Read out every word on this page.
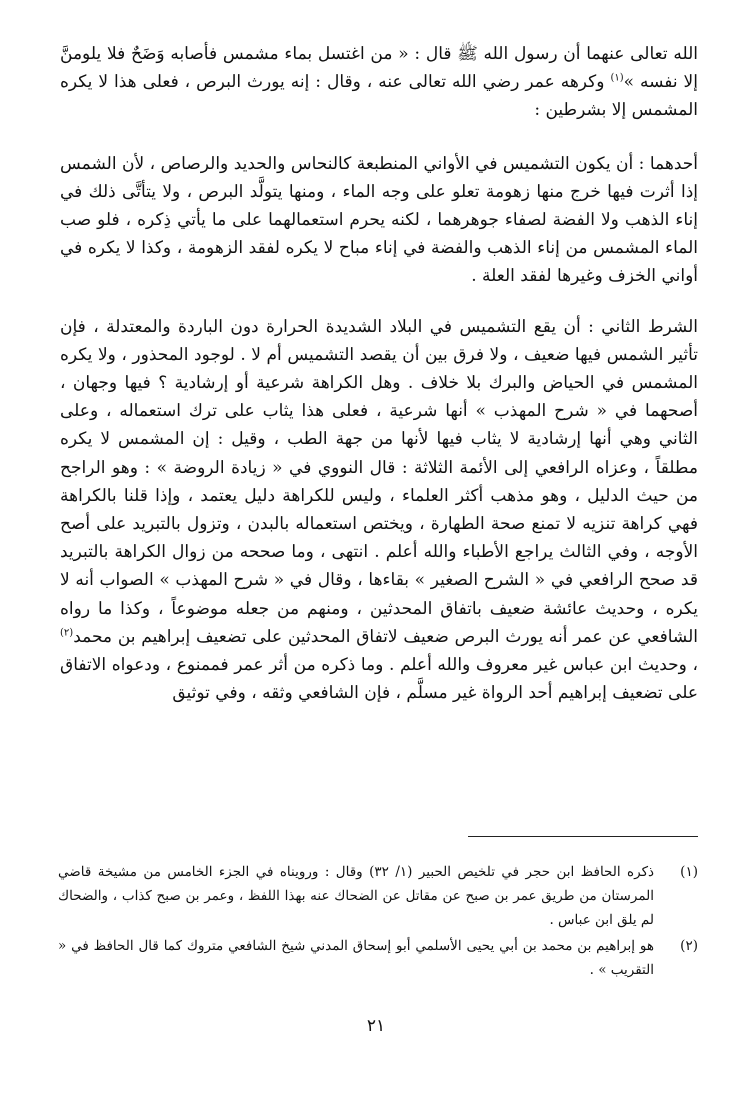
الله تعالى عنهما أن رسول الله ﷺ قال : « من اغتسل بماء مشمس فأصابه وَضَحٌ فلا يلومنَّ إلا نفسه »$^{(١)}$ وكرهه عمر رضي الله تعالى عنه ، وقال : إنه يورث البرص ، فعلى هذا لا يكره المشمس إلا بشرطين :

أحدهما : أن يكون التشميس في الأواني المنطبعة كالنحاس والحديد والرصاص ، لأن الشمس إذا أثرت فيها خرج منها زهومة تعلو على وجه الماء ، ومنها يتولَّد البرص ، ولا يتأتَّى ذلك في إناء الذهب ولا الفضة لصفاء جوهرهما ، لكنه يحرم استعمالهما على ما يأتي ذِكره ، فلو صب الماء المشمس من إناء الذهب والفضة في إناء مباح لا يكره لفقد الزهومة ، وكذا لا يكره في أواني الخزف وغيرها لفقد العلة .

الشرط الثاني : أن يقع التشميس في البلاد الشديدة الحرارة دون الباردة والمعتدلة ، فإن تأثير الشمس فيها ضعيف ، ولا فرق بين أن يقصد التشميس أم لا . لوجود المحذور ، ولا يكره المشمس في الحياض والبرك بلا خلاف . وهل الكراهة شرعية أو إرشادية ؟ فيها وجهان ، أصحهما في « شرح المهذب » أنها شرعية ، فعلى هذا يثاب على ترك استعماله ، وعلى الثاني وهي أنها إرشادية لا يثاب فيها لأنها من جهة الطب ، وقيل : إن المشمس لا يكره مطلقاً ، وعزاه الرافعي إلى الأئمة الثلاثة : قال النووي في « زيادة الروضة » : وهو الراجح من حيث الدليل ، وهو مذهب أكثر العلماء ، وليس للكراهة دليل يعتمد ، وإذا قلنا بالكراهة فهي كراهة تنزيه لا تمنع صحة الطهارة ، ويختص استعماله بالبدن ، وتزول بالتبريد على أصح الأوجه ، وفي الثالث يراجع الأطباء والله أعلم . انتهى ، وما صححه من زوال الكراهة بالتبريد قد صحح الرافعي في « الشرح الصغير » بقاءها ، وقال في « شرح المهذب » الصواب أنه لا يكره ، وحديث عائشة ضعيف باتفاق المحدثين ، ومنهم من جعله موضوعاً ، وكذا ما رواه الشافعي عن عمر أنه يورث البرص ضعيف لاتفاق المحدثين على تضعيف إبراهيم بن محمد$^{(٢)}$ ، وحديث ابن عباس غير معروف والله أعلم . وما ذكره من أثر عمر فممنوع ، ودعواه الاتفاق على تضعيف إبراهيم أحد الرواة غير مسلَّم ، فإن الشافعي وثقه ، وفي توثيق

(١)
ذكره الحافظ ابن حجر في تلخيص الحبير (١/ ٣٢) وقال : ورويناه في الجزء الخامس من مشيخة قاضي المرستان من طريق عمر بن صبح عن مقاتل عن الضحاك عنه بهذا اللفظ ، وعمر بن صبح كذاب ، والضحاك لم يلق ابن عباس .
(٢)
هو إبراهيم بن محمد بن أبي يحيى الأسلمي أبو إسحاق المدني شيخ الشافعي متروك كما قال الحافظ في « التقريب » .
٢١
